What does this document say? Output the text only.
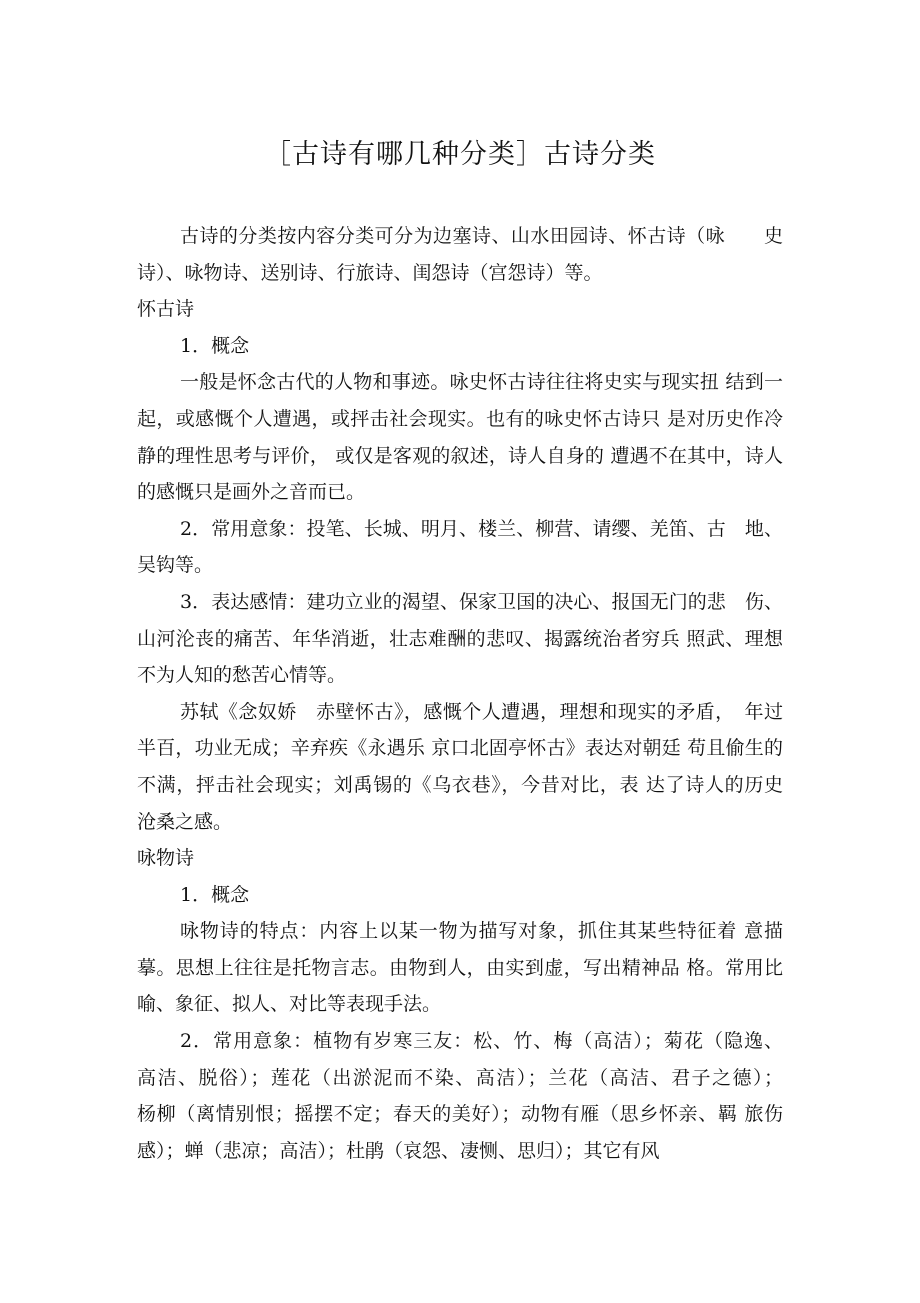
［古诗有哪几种分类］古诗分类
古诗的分类按内容分类可分为边塞诗、山水田园诗、怀古诗（咏　　史
诗）、咏物诗、送别诗、行旅诗、闺怨诗（宫怨诗）等。
怀古诗
1．概念
一般是怀念古代的人物和事迹。咏史怀古诗往往将史实与现实扭 结到一
起，或感慨个人遭遇，或抨击社会现实。也有的咏史怀古诗只 是对历史作冷
静的理性思考与评价， 或仅是客观的叙述，诗人自身的 遭遇不在其中，诗人
的感慨只是画外之音而已。
2．常用意象：投笔、长城、明月、楼兰、柳营、请缨、羌笛、古　地、
吴钩等。
3．表达感情：建功立业的渴望、保家卫国的决心、报国无门的悲　伤、
山河沦丧的痛苦、年华消逝，壮志难酬的悲叹、揭露统治者穷兵 照武、理想
不为人知的愁苦心情等。
苏轼《念奴娇　赤壁怀古》，感慨个人遭遇，理想和现实的矛盾，　年过
半百，功业无成；辛弃疾《永遇乐 京口北固亭怀古》表达对朝廷 苟且偷生的
不满，抨击社会现实；刘禹锡的《乌衣巷》，今昔对比，表 达了诗人的历史
沧桑之感。
咏物诗
1．概念
咏物诗的特点：内容上以某一物为描写对象，抓住其某些特征着 意描
摹。思想上往往是托物言志。由物到人，由实到虚，写出精神品 格。常用比
喻、象征、拟人、对比等表现手法。
2．常用意象：植物有岁寒三友：松、竹、梅（高洁）；菊花（隐逸、
高洁、脱俗）；莲花（出淤泥而不染、高洁）；兰花（高洁、君子之德）；
杨柳（离情别恨；摇摆不定；春天的美好）；动物有雁（思乡怀亲、羁 旅伤
感）；蝉（悲凉；高洁）；杜鹃（哀怨、凄恻、思归）；其它有风
